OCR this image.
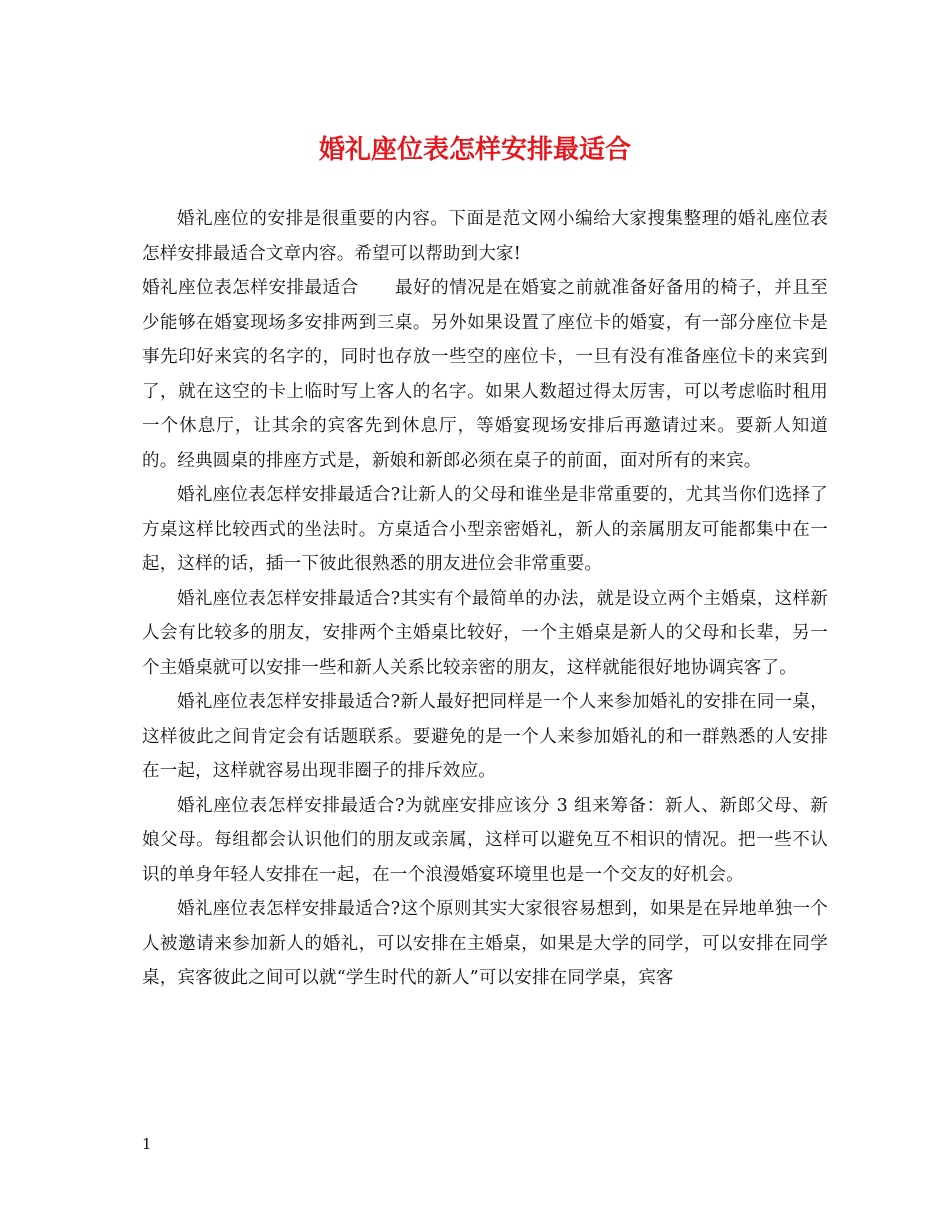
婚礼座位表怎样安排最适合

婚礼座位的安排是很重要的内容。下面是范文网小编给大家搜集整理的婚礼座位表怎样安排最适合文章内容。希望可以帮助到大家!

婚礼座位表怎样安排最适合 最好的情况是在婚宴之前就准备好备用的椅子，并且至少能够在婚宴现场多安排两到三桌。另外如果设置了座位卡的婚宴，有一部分座位卡是事先印好来宾的名字的，同时也存放一些空的座位卡，一旦有没有准备座位卡的来宾到了，就在这空的卡上临时写上客人的名字。如果人数超过得太厉害，可以考虑临时租用一个休息厅，让其余的宾客先到休息厅，等婚宴现场安排后再邀请过来。要新人知道的。经典圆桌的排座方式是，新娘和新郎必须在桌子的前面，面对所有的来宾。

婚礼座位表怎样安排最适合?让新人的父母和谁坐是非常重要的，尤其当你们选择了方桌这样比较西式的坐法时。方桌适合小型亲密婚礼，新人的亲属朋友可能都集中在一起，这样的话，插一下彼此很熟悉的朋友进位会非常重要。

婚礼座位表怎样安排最适合?其实有个最简单的办法，就是设立两个主婚桌，这样新人会有比较多的朋友，安排两个主婚桌比较好，一个主婚桌是新人的父母和长辈，另一个主婚桌就可以安排一些和新人关系比较亲密的朋友，这样就能很好地协调宾客了。

婚礼座位表怎样安排最适合?新人最好把同样是一个人来参加婚礼的安排在同一桌，这样彼此之间肯定会有话题联系。要避免的是一个人来参加婚礼的和一群熟悉的人安排在一起，这样就容易出现非圈子的排斥效应。

婚礼座位表怎样安排最适合?为就座安排应该分 3 组来筹备：新人、新郎父母、新娘父母。每组都会认识他们的朋友或亲属，这样可以避免互不相识的情况。把一些不认识的单身年轻人安排在一起，在一个浪漫婚宴环境里也是一个交友的好机会。

婚礼座位表怎样安排最适合?这个原则其实大家很容易想到，如果是在异地单独一个人被邀请来参加新人的婚礼，可以安排在主婚桌，如果是大学的同学，可以安排在同学桌，宾客彼此之间可以就“学生时代的新人”可以安排在同学桌，宾客

1
